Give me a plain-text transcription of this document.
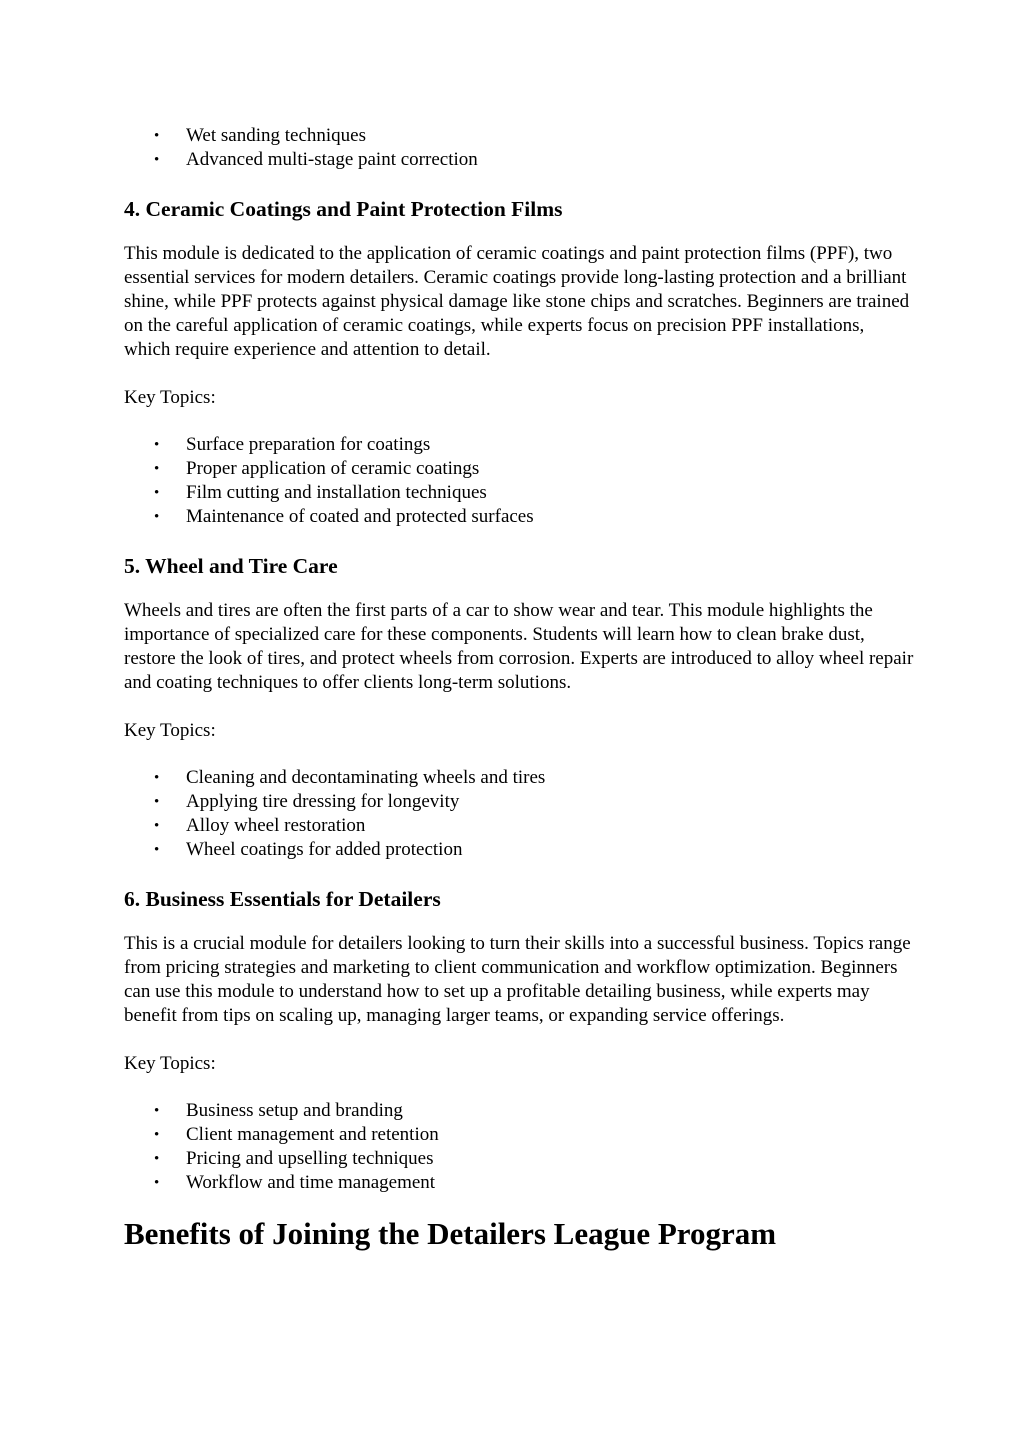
• Wet sanding techniques
• Advanced multi-stage paint correction
4. Ceramic Coatings and Paint Protection Films

This module is dedicated to the application of ceramic coatings and paint protection films (PPF), two essential services for modern detailers. Ceramic coatings provide long-lasting protection and a brilliant shine, while PPF protects against physical damage like stone chips and scratches. Beginners are trained on the careful application of ceramic coatings, while experts focus on precision PPF installations, which require experience and attention to detail.

Key Topics:

• Surface preparation for coatings
• Proper application of ceramic coatings
• Film cutting and installation techniques
• Maintenance of coated and protected surfaces
5. Wheel and Tire Care

Wheels and tires are often the first parts of a car to show wear and tear. This module highlights the importance of specialized care for these components. Students will learn how to clean brake dust, restore the look of tires, and protect wheels from corrosion. Experts are introduced to alloy wheel repair and coating techniques to offer clients long-term solutions.

Key Topics:

• Cleaning and decontaminating wheels and tires
• Applying tire dressing for longevity
• Alloy wheel restoration
• Wheel coatings for added protection
6. Business Essentials for Detailers

This is a crucial module for detailers looking to turn their skills into a successful business. Topics range from pricing strategies and marketing to client communication and workflow optimization. Beginners can use this module to understand how to set up a profitable detailing business, while experts may benefit from tips on scaling up, managing larger teams, or expanding service offerings.

Key Topics:

• Business setup and branding
• Client management and retention
• Pricing and upselling techniques
• Workflow and time management
Benefits of Joining the Detailers League Program
